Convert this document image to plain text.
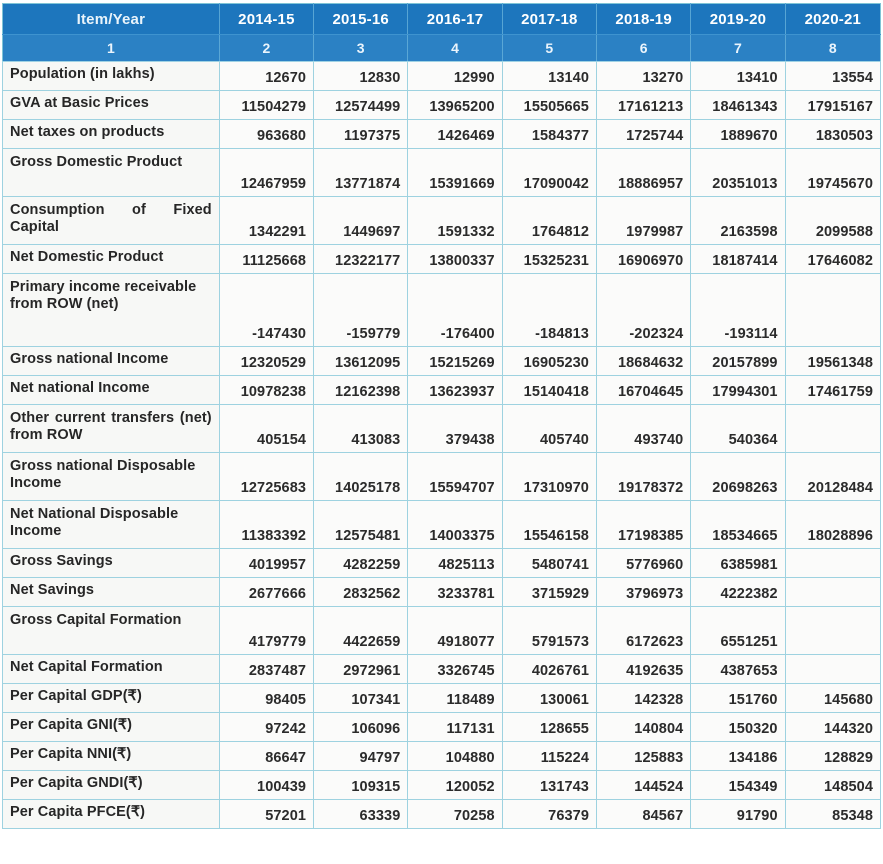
Item/Year	2014-15	2015-16	2016-17	2017-18	2018-19	2019-20	2020-21
1	2	3	4	5	6	7	8
Population (in lakhs)	12670	12830	12990	13140	13270	13410	13554
GVA at Basic Prices	11504279	12574499	13965200	15505665	17161213	18461343	17915167
Net taxes on products	963680	1197375	1426469	1584377	1725744	1889670	1830503
Gross Domestic Product	12467959	13771874	15391669	17090042	18886957	20351013	19745670
Consumption of Fixed Capital	1342291	1449697	1591332	1764812	1979987	2163598	2099588
Net Domestic Product	11125668	12322177	13800337	15325231	16906970	18187414	17646082
Primary income receivable from ROW (net)	-147430	-159779	-176400	-184813	-202324	-193114	
Gross national Income	12320529	13612095	15215269	16905230	18684632	20157899	19561348
Net national Income	10978238	12162398	13623937	15140418	16704645	17994301	17461759
Other current transfers (net) from ROW	405154	413083	379438	405740	493740	540364	
Gross national Disposable Income	12725683	14025178	15594707	17310970	19178372	20698263	20128484
Net National Disposable Income	11383392	12575481	14003375	15546158	17198385	18534665	18028896
Gross Savings	4019957	4282259	4825113	5480741	5776960	6385981	
Net Savings	2677666	2832562	3233781	3715929	3796973	4222382	
Gross Capital Formation	4179779	4422659	4918077	5791573	6172623	6551251	
Net Capital Formation	2837487	2972961	3326745	4026761	4192635	4387653	
Per Capital GDP(₹)	98405	107341	118489	130061	142328	151760	145680
Per Capita GNI(₹)	97242	106096	117131	128655	140804	150320	144320
Per Capita NNI(₹)	86647	94797	104880	115224	125883	134186	128829
Per Capita GNDI(₹)	100439	109315	120052	131743	144524	154349	148504
Per Capita PFCE(₹)	57201	63339	70258	76379	84567	91790	85348
